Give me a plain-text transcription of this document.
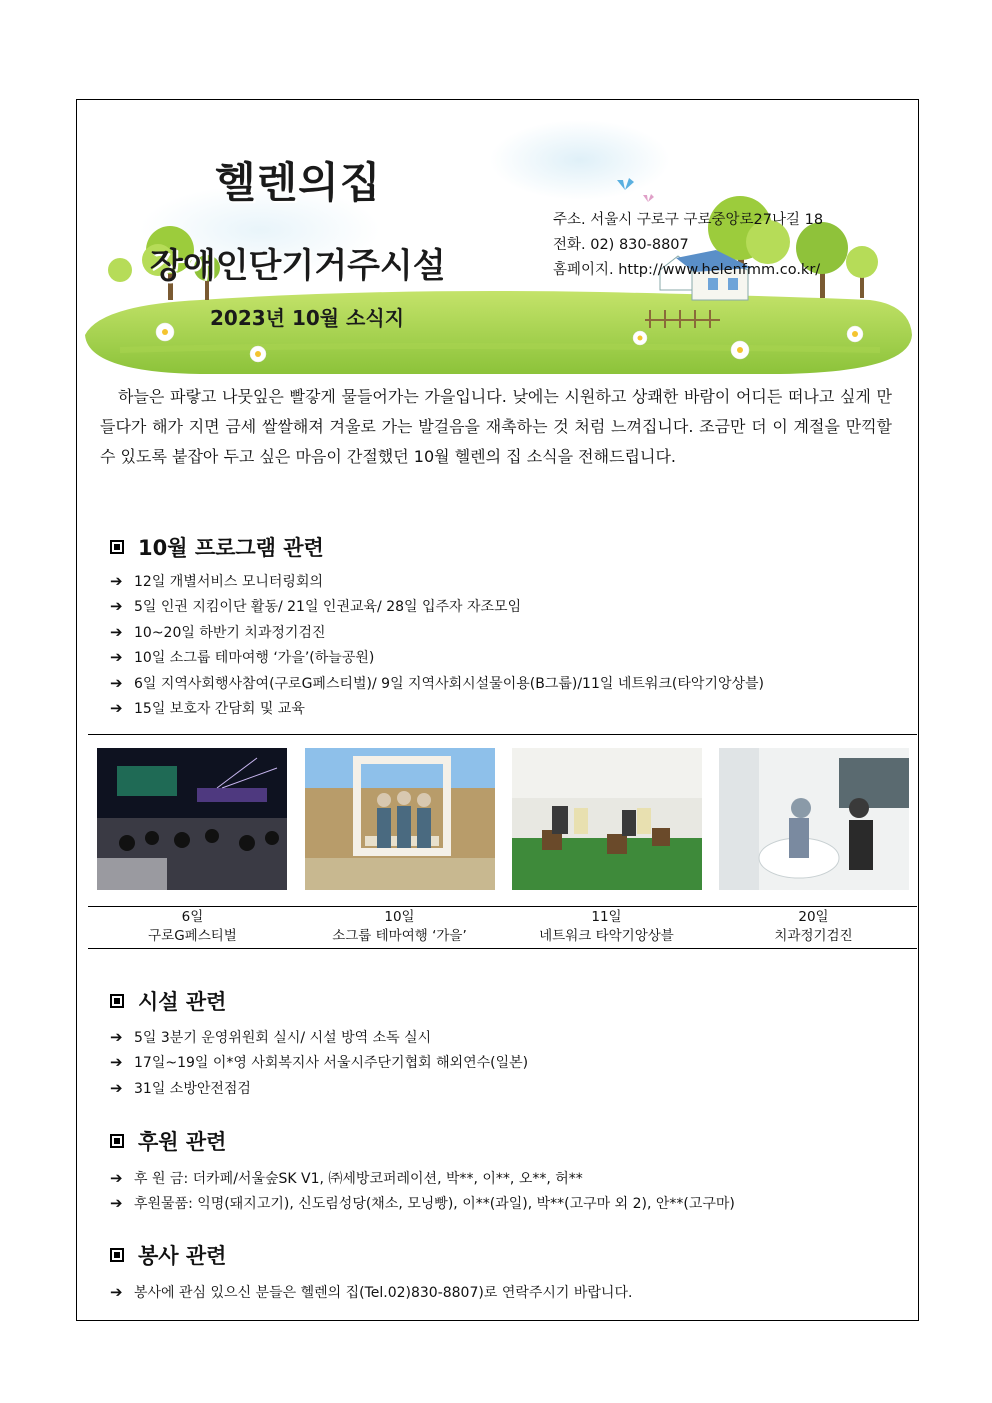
헬렌의집
장애인단기거주시설
2023년 10월 소식지
주소. 서울시 구로구 구로중앙로27나길 18
전화. 02) 830-8807
홈페이지. http://www.helenfmm.co.kr/
하늘은 파랗고 나뭇잎은 빨갛게 물들어가는 가을입니다. 낮에는 시원하고 상쾌한 바람이 어디든 떠나고 싶게 만들다가 해가 지면 금세 쌀쌀해져 겨울로 가는 발걸음을 재촉하는 것 처럼 느껴집니다. 조금만 더 이 계절을 만끽할 수 있도록 붙잡아 두고 싶은 마음이 간절했던 10월 헬렌의 집 소식을 전해드립니다.
10월 프로그램 관련
➔ 12일 개별서비스 모니터링회의
➔ 5일 인권 지킴이단 활동/ 21일 인권교육/ 28일 입주자 자조모임
➔ 10~20일 하반기 치과정기검진
➔ 10일 소그룹 테마여행 ‘가을’(하늘공원)
➔ 6일 지역사회행사참여(구로G페스티벌)/ 9일 지역사회시설물이용(B그룹)/11일 네트워크(타악기앙상블)
➔ 15일 보호자 간담회 및 교육
6일
구로G페스티벌
10일
소그룹 테마여행 ‘가을’
11일
네트워크 타악기앙상블
20일
치과정기검진
시설 관련
➔ 5일 3분기 운영위원회 실시/ 시설 방역 소독 실시
➔ 17일~19일 이*영 사회복지사 서울시주단기협회 해외연수(일본)
➔ 31일 소방안전점검
후원 관련
➔ 후 원 금: 더카페/서울숲SK V1, ㈜세방코퍼레이션, 박**, 이**, 오**, 허**
➔ 후원물품: 익명(돼지고기), 신도림성당(채소, 모닝빵), 이**(과일), 박**(고구마 외 2), 안**(고구마)
봉사 관련
➔ 봉사에 관심 있으신 분들은 헬렌의 집(Tel.02)830-8807)로 연락주시기 바랍니다.
